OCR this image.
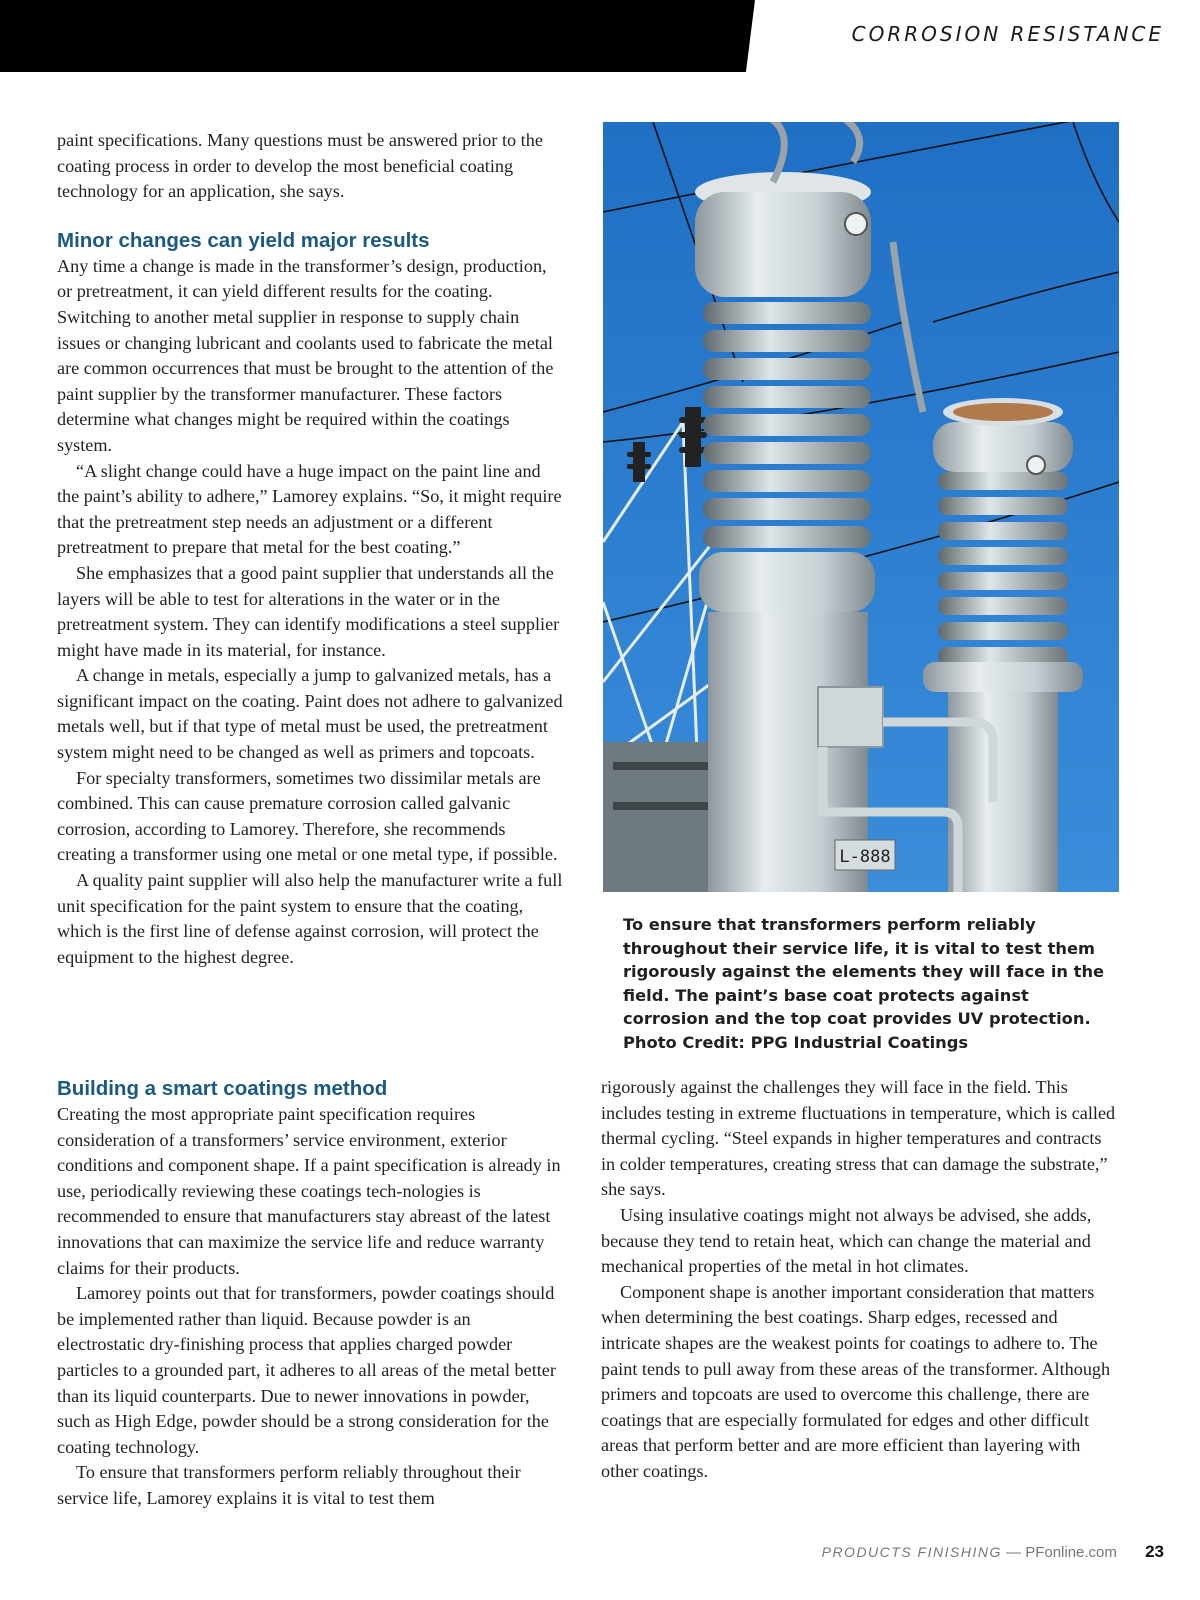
CORROSION RESISTANCE

paint specifications. Many questions must be answered prior to the coating process in order to develop the most beneficial coating technology for an application, she says.

Minor changes can yield major results

Any time a change is made in the transformer’s design, production, or pretreatment, it can yield different results for the coating. Switching to another metal supplier in response to supply chain issues or changing lubricant and coolants used to fabricate the metal are common occurrences that must be brought to the attention of the paint supplier by the transformer manufacturer. These factors determine what changes might be required within the coatings system.

“A slight change could have a huge impact on the paint line and the paint’s ability to adhere,” Lamorey explains. “So, it might require that the pretreatment step needs an adjustment or a different pretreatment to prepare that metal for the best coating.”

She emphasizes that a good paint supplier that understands all the layers will be able to test for alterations in the water or in the pretreatment system. They can identify modifications a steel supplier might have made in its material, for instance.

A change in metals, especially a jump to galvanized metals, has a significant impact on the coating. Paint does not adhere to galvanized metals well, but if that type of metal must be used, the pretreatment system might need to be changed as well as primers and topcoats.

For specialty transformers, sometimes two dissimilar metals are combined. This can cause premature corrosion called galvanic corrosion, according to Lamorey. Therefore, she recommends creating a transformer using one metal or one metal type, if possible.

A quality paint supplier will also help the manufacturer write a full unit specification for the paint system to ensure that the coating, which is the first line of defense against corrosion, will protect the equipment to the highest degree.

L-888
To ensure that transformers perform reliably throughout their service life, it is vital to test them rigorously against the elements they will face in the field. The paint’s base coat protects against corrosion and the top coat provides UV protection. Photo Credit: PPG Industrial Coatings
Building a smart coatings method

Creating the most appropriate paint specification requires consideration of a transformers’ service environment, exterior conditions and component shape. If a paint specification is already in use, periodically reviewing these coatings tech-nologies is recommended to ensure that manufacturers stay abreast of the latest innovations that can maximize the service life and reduce warranty claims for their products.

Lamorey points out that for transformers, powder coatings should be implemented rather than liquid. Because powder is an electrostatic dry-finishing process that applies charged powder particles to a grounded part, it adheres to all areas of the metal better than its liquid counterparts. Due to newer innovations in powder, such as High Edge, powder should be a strong consideration for the coating technology.

To ensure that transformers perform reliably throughout their service life, Lamorey explains it is vital to test them

rigorously against the challenges they will face in the field. This includes testing in extreme fluctuations in temperature, which is called thermal cycling. “Steel expands in higher temperatures and contracts in colder temperatures, creating stress that can damage the substrate,” she says.

Using insulative coatings might not always be advised, she adds, because they tend to retain heat, which can change the material and mechanical properties of the metal in hot climates.

Component shape is another important consideration that matters when determining the best coatings. Sharp edges, recessed and intricate shapes are the weakest points for coatings to adhere to. The paint tends to pull away from these areas of the transformer. Although primers and topcoats are used to overcome this challenge, there are coatings that are especially formulated for edges and other difficult areas that perform better and are more efficient than layering with other coatings.

PRODUCTS FINISHING — PFonline.com 23
